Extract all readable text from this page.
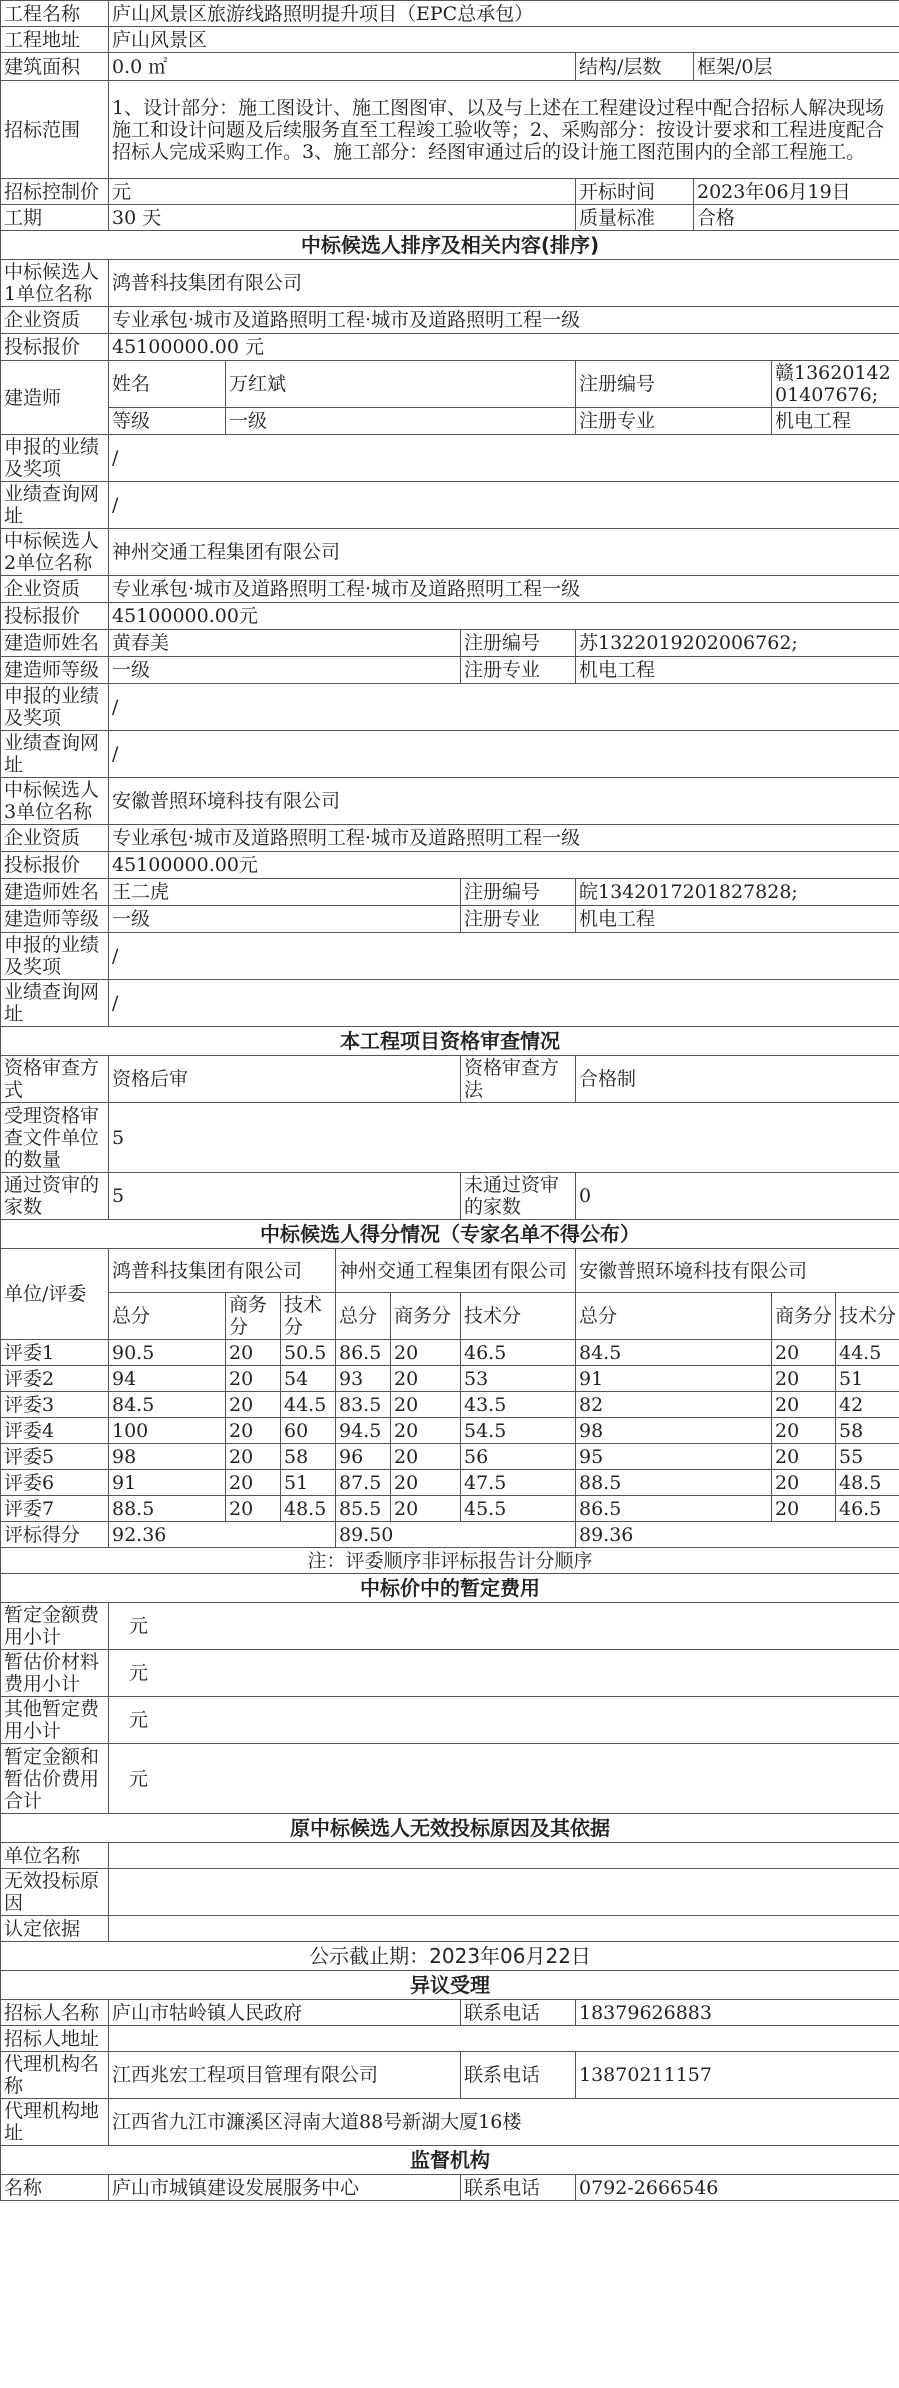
工程名称	庐山风景区旅游线路照明提升项目（EPC总承包）									
工程地址	庐山风景区									
建筑面积	0.0 ㎡						结构/层数	框架/0层		
招标范围	1、设计部分：施工图设计、施工图图审、以及与上述在工程建设过程中配合招标人解决现场施工和设计问题及后续服务直至工程竣工验收等；2、采购部分：按设计要求和工程进度配合招标人完成采购工作。3、施工部分：经图审通过后的设计施工图范围内的全部工程施工。									
招标控制价	元						开标时间	2023年06月19日		
工期	30 天						质量标准	合格		
中标候选人排序及相关内容(排序)										
中标候选人1单位名称	鸿普科技集团有限公司									
企业资质	专业承包·城市及道路照明工程·城市及道路照明工程一级									
投标报价	45100000.00 元									
建造师	姓名	万红斌					注册编号		赣1362014201407676;	
	等级	一级					注册专业		机电工程	
申报的业绩及奖项	/									
业绩查询网址	/									
中标候选人2单位名称	神州交通工程集团有限公司									
企业资质	专业承包·城市及道路照明工程·城市及道路照明工程一级									
投标报价	45100000.00元									
建造师姓名	黄春美					注册编号	苏1322019202006762;			
建造师等级	一级					注册专业	机电工程			
申报的业绩及奖项	/									
业绩查询网址	/									
中标候选人3单位名称	安徽普照环境科技有限公司									
企业资质	专业承包·城市及道路照明工程·城市及道路照明工程一级									
投标报价	45100000.00元									
建造师姓名	王二虎					注册编号	皖1342017201827828;			
建造师等级	一级					注册专业	机电工程			
申报的业绩及奖项	/									
业绩查询网址	/									
本工程项目资格审查情况										
资格审查方式	资格后审					资格审查方法	合格制			
受理资格审查文件单位的数量	5									
通过资审的家数	5					未通过资审的家数	0			
中标候选人得分情况（专家名单不得公布）										
单位/评委	鸿普科技集团有限公司			神州交通工程集团有限公司			安徽普照环境科技有限公司			
	总分	商务分	技术分	总分	商务分	技术分	总分		商务分	技术分
评委1	90.5	20	50.5	86.5	20	46.5	84.5		20	44.5
评委2	94	20	54	93	20	53	91		20	51
评委3	84.5	20	44.5	83.5	20	43.5	82		20	42
评委4	100	20	60	94.5	20	54.5	98		20	58
评委5	98	20	58	96	20	56	95		20	55
评委6	91	20	51	87.5	20	47.5	88.5		20	48.5
评委7	88.5	20	48.5	85.5	20	45.5	86.5		20	46.5
评标得分	92.36			89.50			89.36			
注：评委顺序非评标报告计分顺序										
中标价中的暂定费用										
暂定金额费用小计	元									
暂估价材料费用小计	元									
其他暂定费用小计	元									
暂定金额和暂估价费用合计	元									
原中标候选人无效投标原因及其依据										
单位名称										
无效投标原因										
认定依据										
公示截止期：2023年06月22日										
异议受理										
招标人名称	庐山市牯岭镇人民政府					联系电话	18379626883			
招标人地址										
代理机构名称	江西兆宏工程项目管理有限公司					联系电话	13870211157			
代理机构地址	江西省九江市濂溪区浔南大道88号新湖大厦16楼									
监督机构										
名称	庐山市城镇建设发展服务中心					联系电话	0792-2666546			
